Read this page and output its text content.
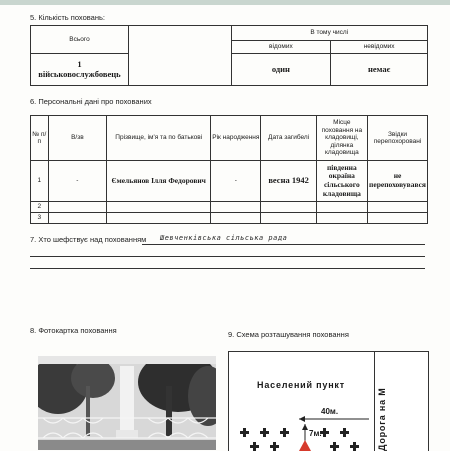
5. Кількість поховань:
Всього		В тому числі	
		відомих	невідомих

1
військовослужбовець		один	немає
6. Персональні дані про похованих
№ п/п	В/зв	Прізвище, ім'я та по батькові	Рік народження	Дата загибелі	Місце поховання на кладовищі, ділянка кладовища	Звідки перепохоровані
1	-	Ємельянов Ілля Федорович	-	весна 1942	південна окраїна сільського кладовища	не перепоховувався
2						
3						
7. Хто шефствує над похованням Шевченківська сільська рада
8. Фотокартка поховання	9. Схема розташування поховання
Населений пункт
Дорога на М
40м.
7м.
